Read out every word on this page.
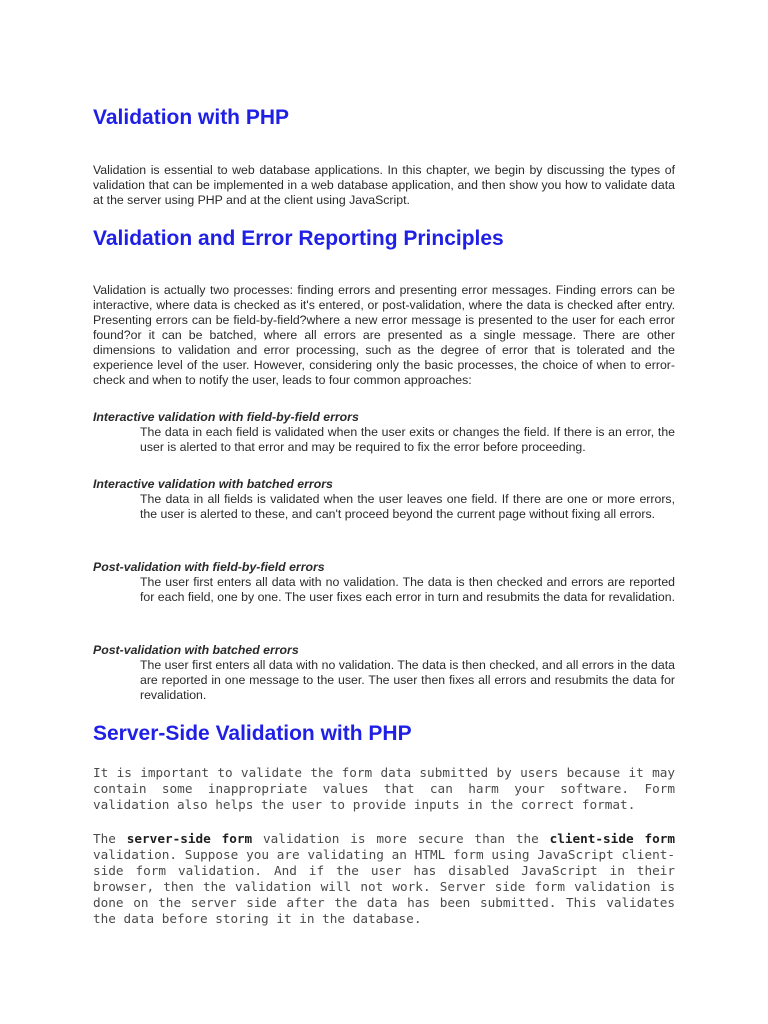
Validation with PHP

Validation is essential to web database applications. In this chapter, we begin by discussing the types of validation that can be implemented in a web database application, and then show you how to validate data at the server using PHP and at the client using JavaScript.

Validation and Error Reporting Principles

Validation is actually two processes: finding errors and presenting error messages. Finding errors can be interactive, where data is checked as it's entered, or post-validation, where the data is checked after entry. Presenting errors can be field-by-field?where a new error message is presented to the user for each error found?or it can be batched, where all errors are presented as a single message. There are other dimensions to validation and error processing, such as the degree of error that is tolerated and the experience level of the user. However, considering only the basic processes, the choice of when to error-check and when to notify the user, leads to four common approaches:

Interactive validation with field-by-field errors

The data in each field is validated when the user exits or changes the field. If there is an error, the user is alerted to that error and may be required to fix the error before proceeding.

Interactive validation with batched errors

The data in all fields is validated when the user leaves one field. If there are one or more errors, the user is alerted to these, and can't proceed beyond the current page without fixing all errors.

Post-validation with field-by-field errors

The user first enters all data with no validation. The data is then checked and errors are reported for each field, one by one. The user fixes each error in turn and resubmits the data for revalidation.

Post-validation with batched errors

The user first enters all data with no validation. The data is then checked, and all errors in the data are reported in one message to the user. The user then fixes all errors and resubmits the data for revalidation.

Server-Side Validation with PHP

It is important to validate the form data submitted by users because it may contain some inappropriate values that can harm your software. Form validation also helps the user to provide inputs in the correct format.

The server-side form validation is more secure than the client-side form validation. Suppose you are validating an HTML form using JavaScript client-side form validation. And if the user has disabled JavaScript in their browser, then the validation will not work. Server side form validation is done on the server side after the data has been submitted. This validates the data before storing it in the database.
